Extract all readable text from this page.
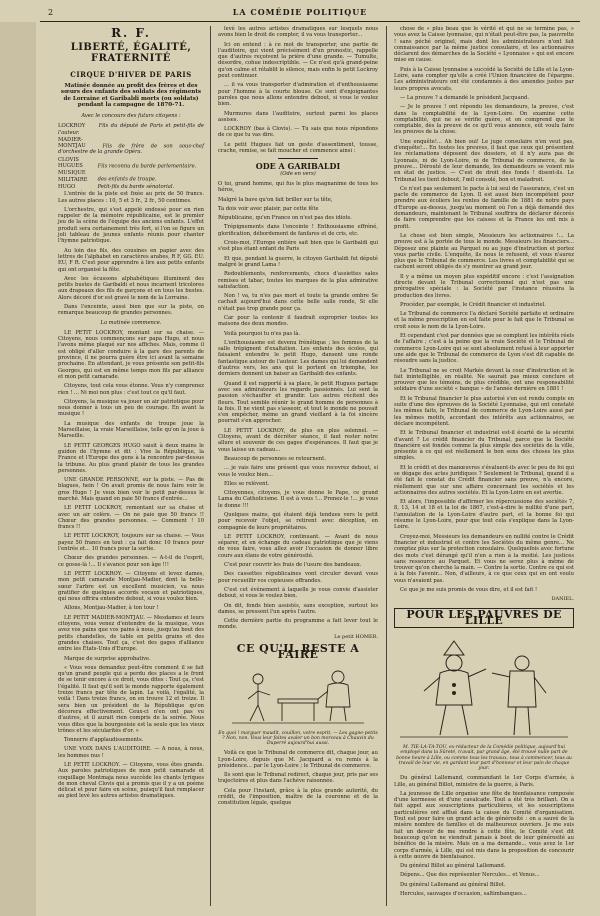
2	LA COMÉDIE POLITIQUE
R. F.
LIBERTÉ, ÉGALITÉ, FRATERNITÉ
CIRQUE D'HIVER DE PARIS
Matinée donnée au profit des frères et des sœurs des enfants des soldats des régiments de Lorraine et Garibaldi morts (ou soldats) pendant la campagne de 1870-71.
Avec le concours des futurs citoyens :
LOCKROY	Fils du député de Paris et petit-fils de l'auteur.
MADIER-MONTJAU	Fils de frère de son sous-chef d'orchestre de la grande Opéra.
CLOVIS HUGUES	Fils reconnu du barde parlementaire.
MUSIQUE MILITAIRE des enfants de troupe.
HUGO	Petit-fils du barde sénatorial.

L'entrée de la piste est fixée au prix de 50 francs. Les autres places : 10, 5 et 3 fr., 2 fr., 50 centimes.

L'orchestre, qui s'est appelé endossé pour en rien rappeler de la mémoire républicaine, est le premier jeu de la scène de l'équipe des anciens enfants. L'effet produit sera certainement très fort, si l'on se figure un joli tableau de jeunes enfants réunis pour chanter l'hymne patriotique.

Au loin des fils, des cousines en papier avec des lettres de l'alphabet en caractères arabes, R F, GG. EU. EU, F R. C'est pour apprendre à lire aux petits enfants qui ont organisé la fête.

Avec les écussons alphabétiques illuminent des petits bustes de Garibaldi et nous incarnent tricolores aux drapeaux des fils de garçons et en tous les bustes. Alors décoré d'or est gravé le nom de la Lorraine.

Dans l'enceinte, aussi bien que sur la piste, on remarque beaucoup de grandes personnes.

La matinée commence.

LE PETIT LOCKROY, montant sur sa chaise. — Citoyens, nous commençons sur papa Hugo, et nous l'avons même plaqué sur nos affiches. Mais, comme il est obligé d'aller conduire à la gare des parents de province, il ne pourra guère être ici avant la semaine prochaine. En attendant, je vous présente son petit-fils Georges, qui est en même temps mon fils par alliance et mon petit camarade.

Citoyens, tout cela vous étonne. Vous n'y comprenez rien ! ... Ni moi non plus : c'est tout ce qu'il faut.

Citoyens, la musique va jouer un air patriotique pour nous donner à tous un peu de courage. En avant la musique !

La musique des enfants de troupe joue la Marseillaise, la vraie Marseillaise, telle qu'on la joue à Marseille.

LE PETIT GEORGES HUGO saisit à deux mains le guidon de l'hymne et dit : Vive la République, la France et l'Europe des gens à la rencontre par-dessus la tribune. Au plus grand plaisir de tous les grandes personnes.

UNE GRANDE PERSONNE, sur la piste. — Pas de blagues, hein ! On avait promis de nous faire voir le gros Hugo ! Je veux bien voir le petit par-dessus le marché. Mais quand on paie 50 francs d'entrée...

LE PETIT LOCKROY, remontant sur sa chaise et avec un air colère. — On ne paie que 50 francs !! Chœur des grandes personnes. — Comment ! 10 francs !!

LE PETIT LOCKROY, toujours sur sa chaise. — Vous payez 50 francs en tout : ça fait donc 10 francs pour l'entrée et... 10 francs pour la sortie.

Chœur des grandes personnes. — A-t-il de l'esprit, ce gosse-là !... Il s'avance pour son âge !!!

LE PETIT LOCKROY. — Citoyens et levez dames, mon petit camarade Montjau-Madier, dont la belle-sœur l'arbre est un excellent musicien, va nous gratifier de quelques accords vocaux et patriotiques, qui nous offrira entendre debout, si vous voulez bien.

Allons, Montjau-Madier, à ton tour !

LE PETIT MADIER-MONTJAU. — Mesdames et leurs citoyens, vous venez d'entendre de la musique, vous avez vos pains que vos pains à nous, jusqu'au bout des petits chandelles, de table en petits grains et des grandes chaises. Tout ça, c'est des gages d'alliance entre les États-Unis d'Europe.

Marque de surprise approbative.

« Vous vous demandez peut-être comment il se fait qu'un grand peuple qui a perdu des places a le front de se tenir encore à ce droit, vous dites : Tout ça, c'est l'égalité. Il faut qu'il soit le monde rapporte également treize francs par tête de lapin. La voilà, l'égalité, la voilà ! Dans treize francs, on en trouve 12 et treize. Il sera bien un président de la République qu'on décorera effectivement. Ceux-ci n'en ont pas vu d'autres, et il aurait rien compris de la soirée. Nous vous dites que la bourgeoisie est la seule que les vieux trônes et les sécularités d'or. »

Tonnerre d'applaudissements.

UNE VOIX DANS L'AUDITOIRE. — A nous, à nous, les hommes nus !

LE PETIT LOCKROY. — Citoyens, vous êtes grands. Aux paroles patriotiques de mon petit camarade et coquillage Montmaja nous succède les chants lyriques de mon cheval Clovis qui a promis que il y a un poème délicat et pour faire en scène, puisqu'il faut remplacer au pied levé les autres artistes dramatiques.

levé les autres artistes dramatiques sur lesquels nous avons bien le droit de compter, il va vous transporter...

Ici on entend : à ce mot de transporter, une partie de l'auditoire, qui vient précisément d'un pronostic, rappelle que d'autres reçoivent la prière d'une grande. — Tumulte, désordre, cohue indescriptible. — Ce n'est qu'à grand-peine qu'on calme et rétablit le silence, mais enfin le petit Lockroy peut continuer.

... il va vous transporter d'admiration et d'enthousiasme pour l'homme à la courte blouse. Ce sont d'enjoignantes paroles que nous allons entendre debout, si vous le voulez bien.

Murmures dans l'auditoire, surtout parmi les places assises.

LOCKROY (bas à Clovis). — Tu sais que nous répondons de ce que tu vas dire.

Le petit Hugues fait un geste d'assentiment, tousse, crache, remise, se fait moucher et commence ainsi :

ODE A GARIBALDI
(Ode en vers)

O toi, grand homme, qui fus le plus magnanime de tous les héros,

Malgré la bave qu'on fait briller sur ta tête,

Ta dois voir avec plaisir, par cette fête

Républicaine, qu'en France on n'est pas des idiots.

Trépignements dans l'enceinte ! Enthousiasme effréné, glorification, débordement de fanfares et de cris, etc.

Crois-moi, l'Europe entière sait bien que le Garibaldi qui s'est plus étant enfant de Paris

Et que, pendant la guerre, le citoyen Garibaldi fut député malgré le grand Lama !

Redoublements, renforcements, chocs d'assiettes sales remises et tabac, toutes les marques de la plus admirative satisfaction.

Non ! va, tu n'es pas mort et toute ta grande ombre Se cachait aujourd'hui dans cette belle salle ronde, Si elle n'était pas trop grande pour ça.

Car pour la contenir il faudrait exproprier toutes les maisons des deux mondes.

Voilà pourquoi tu n'es pas là.

L'enthousiasme est devenu frénétique ; les femmes de la salle trépignent d'exaltation. Les enfants des écoles, qui faisaient entendre le petit Hugo, dansent une ronde fantastique autour de l'auteur. Les dames qui lui demandent d'autres vers, les ans qui le portent en triomphe, les derniers donnent un baiser au Garibaldi des enfants.

Quand il est rapporté à sa place, le petit Hugues partage avec ses admirateurs les regards passionnés. Lui sent la passion s'échauffer et grandir. Les autres récitent des fleurs. Tout semble réunir le grand homme de personnes à la fois. Il ne vient pas s'asseoir, et tout le monde ne pouvait s'en empêcher, même un grand vieillard à la foi sincère pourrait s'en approcher.

LE PETIT LOCKROY, de plus en plus solennel. — Citoyens, avant de décréter séance, il faut rester notre allure et souvenir de ces gages d'espérances. Il faut que je vous laisse un cadeau...

Beaucoup de personnes se retournent.

... je vais faire une présent que vous recevrez debout, si vous le voulez bien...

Elles se relèvent.

Citoyennes, citoyens, je vous donne le Pape, ce grand Lama du Catholicisme. Il est à vous !... Prenez-le !... je vous le donne !!!

Quelques mains, qui étaient déjà tendues vers le petit pour recevoir l'objet, se retirent avec déception, en compagnie de leurs propriétaires.

LE PETIT LOCKROY, continuant. — Avant de nous séparer, et en échange du cadeau patriotique que je viens de vous faire, vous allez avoir l'occasion de donner libre cours aux élans de votre générosité.

C'est pour couvrir les frais de l'usure des bandeaux.

Des cassettes républicaines vont circuler devant vous pour recueillir vos copieuses offrandes.

C'est cet événement à laquelle je vous convie d'assister debout, si vous le voulez bien.

On dit, fonds bien assistés, sans exception, surtout les dames, se pressent l'un après l'autre.

Cette dernière partie du programme a fait lever tout le monde.

Le petit HOMER.

CE QU'IL RESTE A FAIRE
En quoi ! marguer maudit, couillon, votre esprit, — Les gagne-petits ? Non, non. Vous leur faites avaler un bon morceau à Chauvin du Duperré aujourd'hui aussi.

Voilà ce que le Tribunal de commerce dit, chaque jour, au Lyon-Loire, depuis que M. Jacquard a vu remis à la présidence... par le Lyon-Loire ; le Tribunal de commerce.

Ils sont que le Tribunal redirect, chaque jour, pris par ses trajectoires et plus dans l'achève raisonnée.

Cela pour l'instant, grâce à la plus grande autorité, du crédit, de l'imposition, maître de la couronne et de la constitution légale, quelque

chose de « plus beau que le vérité et qui ne se termine pas, » vous avez la Caisse lyonnaise, qui n'était peut-être pas, la pauvrette ! sans péché originel, mais dont les administrateurs n'ont fait connaissance par la même justice consulaire, et les actionnaires déclarent des démarches de la Société « Lyonnaise » qui est encore mise en cause.

Puis à la Caisse lyonnaise a succédé la Société de Lille et la Lyon-Loire, sans compter qu'elle a créé l'Union financière de l'épargne. Les administrateurs ont été condamnés à des amendes justes par leurs propres avocats.

— La preuve ? a demandé le président Jacquand.

— Je le prouve ! ont répondu les demandeurs, la preuve, c'est dans la comptabilité de la Lyon-Loire. On examine cette comptabilité, qui ne se vérifie guère, et on comprend que le comptable, dès la preuve de ce qu'il vous annonce, eût voulu faire les preuves de la chose.

Une enquête!... Ah bien oui! Le juge consulaire n'en veut pas, d'enquête!... En toutes les preuves, il faut que ceux qui présentent les réclamations déposent des dossiers, et il n'y aura pas de Lyonnais, ni de Lyon-Loire, ni de Tribunal de commerce, de la preuve... Dérouté de leur demande, les demandeurs se voient mis en état de justice. — C'est de droit des fonds ! disent-ils. Le Tribunal les tient debout, l'œil consolé, bon et maladroit.

Ce n'est pas seulement le pacte à lui seul de l'assurance, c'est un pacte de commerce de Lyon. Il est aussi bien incompétent pour prendre aux écoliers les rentes de famille de 1881 de notre pays d'Europe au-dessus, jusqu'au moment où l'on a déjà demandé des demandeurs, maintenant le Tribunal souffrira de déclarer décorés de faire comprendre que les caisses et la France les ont mis à profit.

Le chose est bien simple, Messieurs les actionnaires !... La preuve est à la portée de tous le monde. Messieurs les financiers... Déposez une plainte au Parquet ou au juge d'instruction et portez vous partie civile. L'enquête, ils nous le refusent, et vous n'aurez plus que le Tribunal de commerce. Les livres et comptabilité qui se cachent seront obligés de s'y montrer au grand jour.

Il y a même un moyen plus expéditif encore : c'est l'assignation directe devant le Tribunal correctionnel qui n'est pas une prérogative spéciale : la Société par l'instance réussira la production des livres.

Procéder, par exemple, le Crédit financier et industriel.

Le Tribunal de commerce l'a déclaré Société parfaite et ordinaire et la même prescription en est faite pour le fait que le Tribunal se croit sous le nom de la Lyon-Loire.

Et cependant c'est par données que se comptent les intérêts réels de l'affaire ; c'est à la peine que la vraie Société et le Tribunal de commerce Lyon-Loire qui se sont absolument refusé à leur apporter une aide que le Tribunal de commerce de Lyon s'est dit capable de résoudre sans la justice.

Le Tribunal ne se croit Markès devant la cour d'instruction et le fait inintelligible, en réalité. Ne saurait pas mieux conclure et prouver que les témoins, de plus crédible, ont une responsabilité solidaire d'une société « banque » de l'année dernière en 1881 !

Et le Tribunal financier le plus autorisé s'en est rendu compte en suite d'une des épreuves de la Société Lyonnaise, qui ont constaté les mêmes faits, le Tribunal de commerce de Lyon-Loire aussi par les mêmes motifs, accordant des intérêts aux actionnaires, se déclare incompétent.

Et le Tribunal financier et industriel est-il écarté de la sécurité d'avant ? Le crédit financier du Tribunal, parce que la Société financière est fondée comme la plus simple des sociétés de la ville, présente à ce qui est réellement le bon sens des choses les plus simples.

Et le crédit et des manœuvres s'évaluent-ils avec le peu de foi qui se dégage des actes juridiques ? Seulement le Tribunal, quand il a été fait le constat du Crédit financier sans preuve, n'a encore, réellement que sur une affaire concernant les sociétés et les actionnaires des autres sociétés. Et la Lyon-Loire en est avertie.

Et alors, l'impossible d'affirmer les répercussions des sociétés 7, 8, 13, 14 et 18 et la loi de 1867, c'est-à-dire le nullité d'une part, l'annulation de la Lyon-Loire d'autre part, et la bonne foi qui résume le Lyon-Loire, pour que tout cela s'explique dans la Lyon-Loire.

Croyez-moi, Messieurs les demandeurs en nullité contre le Crédit financier et industriel et contre les Sociétés du même genre... Ne comptez plus sur la protection consulaire. Quelquefois avec fortune des mots c'est dérangé qu'il n'en a rien à la moitié. Les justices sans ressource au Parquet. Et vous ne serez plus à même de trouver qu'on cherche la main. — Contre la sortie. Contre ce qui est à la fois l'avenir... Non, d'ailleurs, à ce que ceux qui en ont voulu vous n'avaient pas.

Ce que je me suis promis de vous dire, et il est fait !

DANIEL.
POUR LES PAUVRES DE LILLE
M. TIE-LA-TA-TOU, ex-rédacteur de la Comédie politique, aujourd'hui employé dans la Sûreté, n'avait, par grand âge, été trouvé nulle part de bonne heure à Lille, ou comme tous les travaux, tous à commencer, tous au travail de leur vie, en gardant leur part d'honneur et leur pain de chaque jour.

Du général Lallemand, commandant le 1er Corps d'armée, à Lille, au général Billot, ministre de la guerre, à Paris.

La jeunesse de Lille organise une fête de bienfaisance composée d'une kermesse et d'une cavalcade. Tout a été très brillant. On a fait appel aux souscriptions particulières, et les souscriptions particulières ont afflué dans la caisse du Comité d'organisation. Tout est pour faire un grand acte de générosité : on a sauvé de la misère nombre de familles et de malheureux ouvriers. Je me suis fait un devoir de me rendre à cette fête, le Comité s'est dit beaucoup qu'on ne viendrait jamais à bout de leur générosité au bénéfice de la misère. Mais on a ma demande... vous avez le 1er corps d'armée, à Lille, qui est mis dans la proposition de concourir à cette œuvre de bienfaisance.

Du général Billot au général Lallemand.

Dépens... Que des représenter Nercules... et Venus...

Du général Lallemand au général Billot.

Hercules, sauvages d'occasion, saltimbanques...
